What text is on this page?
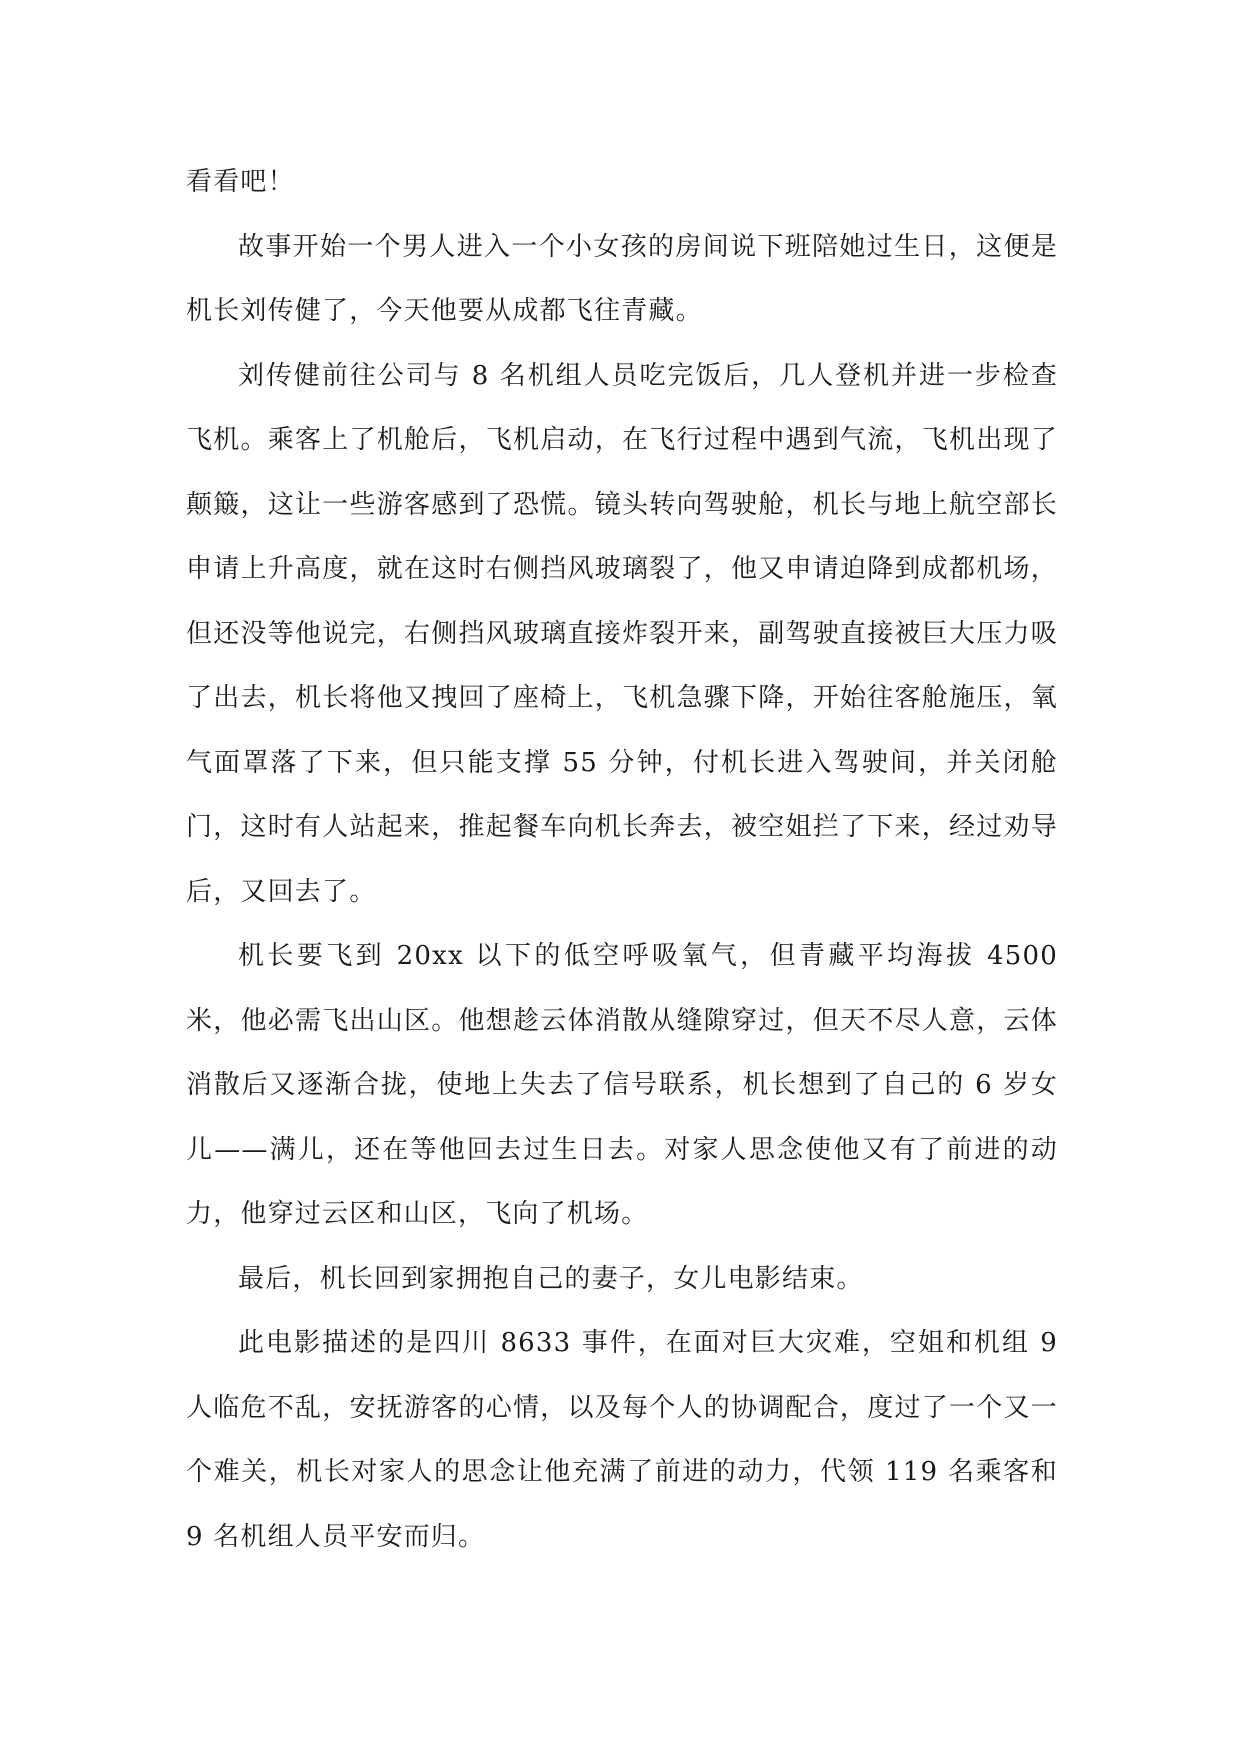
看看吧！

故事开始一个男人进入一个小女孩的房间说下班陪她过生日，这便是机长刘传健了，今天他要从成都飞往青藏。

刘传健前往公司与 8 名机组人员吃完饭后，几人登机并进一步检查飞机。乘客上了机舱后，飞机启动，在飞行过程中遇到气流，飞机出现了颠簸，这让一些游客感到了恐慌。镜头转向驾驶舱，机长与地上航空部长申请上升高度，就在这时右侧挡风玻璃裂了，他又申请迫降到成都机场，但还没等他说完，右侧挡风玻璃直接炸裂开来，副驾驶直接被巨大压力吸了出去，机长将他又拽回了座椅上，飞机急骤下降，开始往客舱施压，氧气面罩落了下来，但只能支撑 55 分钟，付机长进入驾驶间，并关闭舱门，这时有人站起来，推起餐车向机长奔去，被空姐拦了下来，经过劝导后，又回去了。

机长要飞到 20xx 以下的低空呼吸氧气，但青藏平均海拔 4500 米，他必需飞出山区。他想趁云体消散从缝隙穿过，但天不尽人意，云体消散后又逐渐合拢，使地上失去了信号联系，机长想到了自己的 6 岁女儿——满儿，还在等他回去过生日去。对家人思念使他又有了前进的动力，他穿过云区和山区，飞向了机场。

最后，机长回到家拥抱自己的妻子，女儿电影结束。

此电影描述的是四川 8633 事件，在面对巨大灾难，空姐和机组 9 人临危不乱，安抚游客的心情，以及每个人的协调配合，度过了一个又一个难关，机长对家人的思念让他充满了前进的动力，代领 119 名乘客和 9 名机组人员平安而归。
